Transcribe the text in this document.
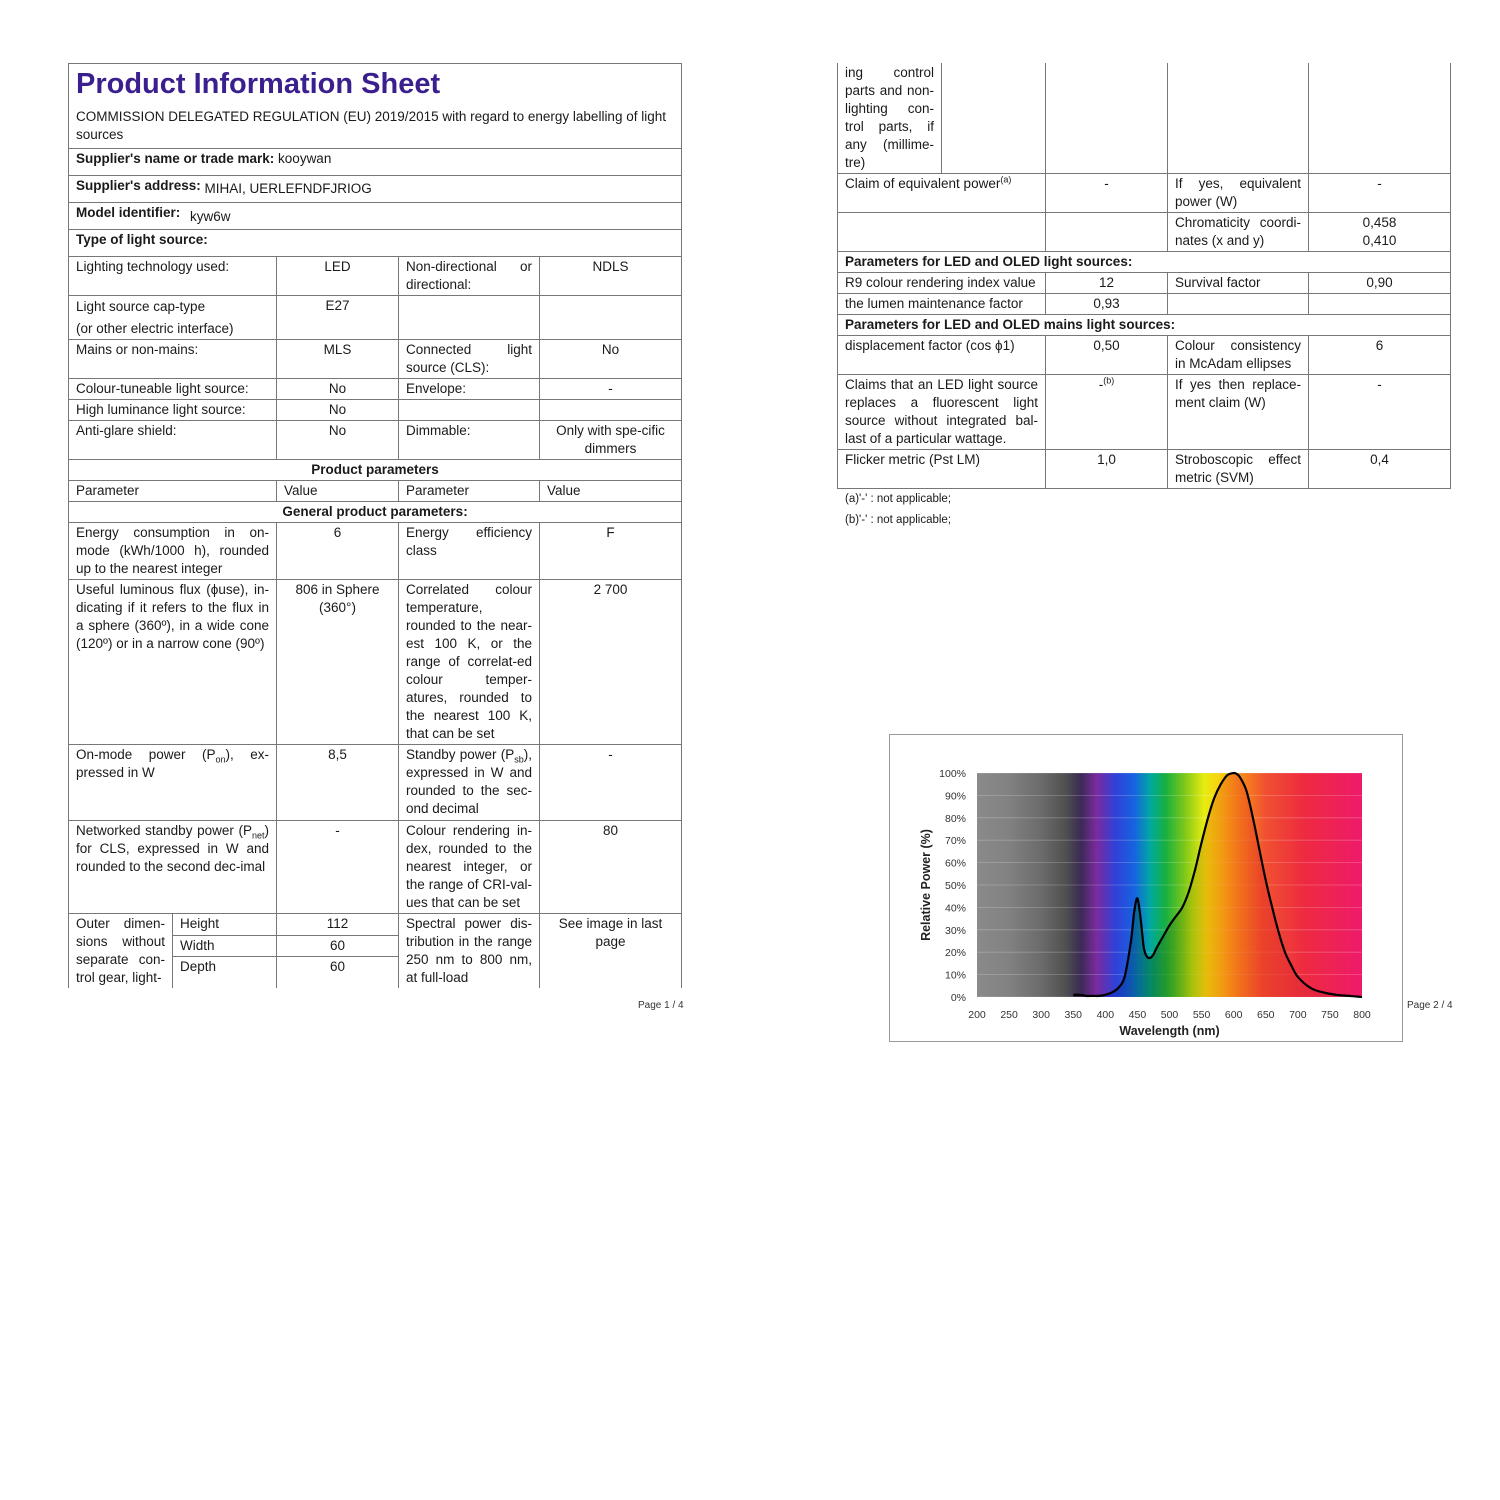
Product Information Sheet
COMMISSION DELEGATED REGULATION (EU) 2019/2015 with regard to energy labelling of light sources				

Supplier's name or trade mark: kooywan				
Supplier's address: MIHAI, UERLEFNDFJRIOG				
Model identifier: kyw6w				
Type of light source:				
Lighting technology used:		LED	Non-directional or directional:	NDLS

Light source cap-type
(or other electric interface)		E27		
Mains or non-mains:		MLS	Connected light source (CLS):	No
Colour-tuneable light source:		No	Envelope:	-
High luminance light source:		No		
Anti-glare shield:		No	Dimmable:	Only with spe-cific dimmers
Product parameters				
Parameter		Value	Parameter	Value
General product parameters:				
Energy consumption in on-mode (kWh/1000 h), rounded up to the nearest integer		6	Energy efficiency class	F
Useful luminous flux (ϕuse), in-dicating if it refers to the flux in a sphere (360º), in a wide cone (120º) or in a narrow cone (90º)		806 in Sphere (360°)	Correlated colour temperature, rounded to the near-est 100 K, or the range of correlat-ed colour temper-atures, rounded to the nearest 100 K, that can be set	2 700
On-mode power $(P_{on})$, ex-pressed in W		8,5	Standby power $(P_{sb})$, expressed in W and rounded to the sec-ond decimal	-
Networked standby power $(P_{net})$ for CLS, expressed in W and rounded to the second dec-imal		-	Colour rendering in-dex, rounded to the nearest integer, or the range of CRI-val-ues that can be set	80
Outer dimen-sions without separate con-trol gear, light-	Height	112	Spectral power dis-tribution in the range 250 nm to 800 nm, at full-load	See image in last page
	Width	60		
	Depth	60		
Page 1 / 4
ing control parts and non-lighting con-trol parts, if any (millime-tre)				
Claim of equivalent power$^{(a)}$		-	If yes, equivalent power (W)	-
			Chromaticity coordi-nates (x and y)	0,458
0,410

Parameters for LED and OLED light sources:				
R9 colour rendering index value		12	Survival factor	0,90
the lumen maintenance factor		0,93		
Parameters for LED and OLED mains light sources:				
displacement factor (cos ϕ1)		0,50	Colour consistency in McAdam ellipses	6
Claims that an LED light source replaces a fluorescent light source without integrated bal-last of a particular wattage.		-$^{(b)}$	If yes then replace-ment claim (W)	-
Flicker metric (Pst LM)		1,0	Stroboscopic effect metric (SVM)	0,4
(a)'-' : not applicable;
(b)'-' : not applicable;
0%
10%
20%
30%
40%
50%
60%
70%
80%
90%
100%
200 250 300 350 400 450 500 550 600 650 700 750 800
Wavelength (nm)
Relative Power (%)
Page 2 / 4
